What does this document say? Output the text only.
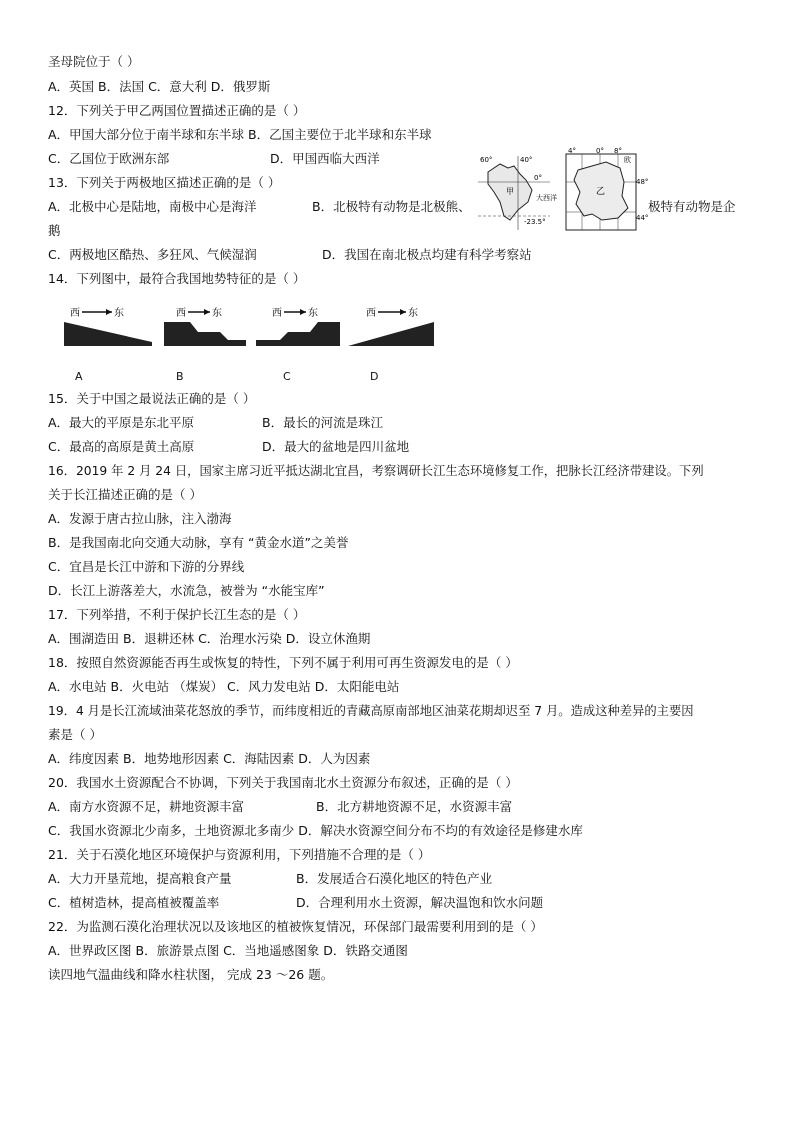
圣母院位于（ ）
A．英国 B．法国 C．意大利 D．俄罗斯
12．下列关于甲乙两国位置描述正确的是（ ）
A．甲国大部分位于南半球和东半球 B．乙国主要位于北半球和东半球
C．乙国位于欧洲东部	D．甲国西临大西洋
13．下列关于两极地区描述正确的是（ ）
A．北极中心是陆地，南极中心是海洋	B．北极特有动物是北极熊、	极特有动物是企
鹅
C．两极地区酷热、多狂风、气候湿润	D．我国在南北极点均建有科学考察站
14．下列图中，最符合我国地势特征的是（ ）
甲
60°	40°
0°
-23.5°
大西洋
乙
4°	0° 8°
48°
44°
欧
西	东	西	东	西	东	西	东
A	B	C	D
15．关于中国之最说法正确的是（ ）
A．最大的平原是东北平原	B．最长的河流是珠江
C．最高的高原是黄土高原	D．最大的盆地是四川盆地
16．2019 年 2 月 24 日，国家主席习近平抵达湖北宜昌，考察调研长江生态环境修复工作，把脉长江经济带建设。下列
关于长江描述正确的是（ ）
A．发源于唐古拉山脉，注入渤海
B．是我国南北向交通大动脉，享有 “黄金水道”之美誉
C．宜昌是长江中游和下游的分界线
D．长江上游落差大，水流急，被誉为 “水能宝库”
17．下列举措，不利于保护长江生态的是（ ）
A．围湖造田 B．退耕还林 C．治理水污染 D．设立休渔期
18．按照自然资源能否再生或恢复的特性，下列不属于利用可再生资源发电的是（ ）
A．水电站 B．火电站 （煤炭） C．风力发电站 D．太阳能电站
19．4 月是长江流域油菜花怒放的季节，而纬度相近的青藏高原南部地区油菜花期却迟至 7 月。造成这种差异的主要因
素是（ ）
A．纬度因素 B．地势地形因素 C．海陆因素 D．人为因素
20．我国水土资源配合不协调，下列关于我国南北水土资源分布叙述，正确的是（ ）
A．南方水资源不足，耕地资源丰富	B．北方耕地资源不足，水资源丰富
C．我国水资源北少南多，土地资源北多南少 D．解决水资源空间分布不均的有效途径是修建水库
21．关于石漠化地区环境保护与资源利用，下列措施不合理的是（ ）
A．大力开垦荒地，提高粮食产量	B．发展适合石漠化地区的特色产业
C．植树造林，提高植被覆盖率	D．合理利用水土资源，解决温饱和饮水问题
22．为监测石漠化治理状况以及该地区的植被恢复情况，环保部门最需要利用到的是（ ）
A．世界政区图 B．旅游景点图 C．当地遥感图象 D．铁路交通图
读四地气温曲线和降水柱状图， 完成 23 ～26 题。
